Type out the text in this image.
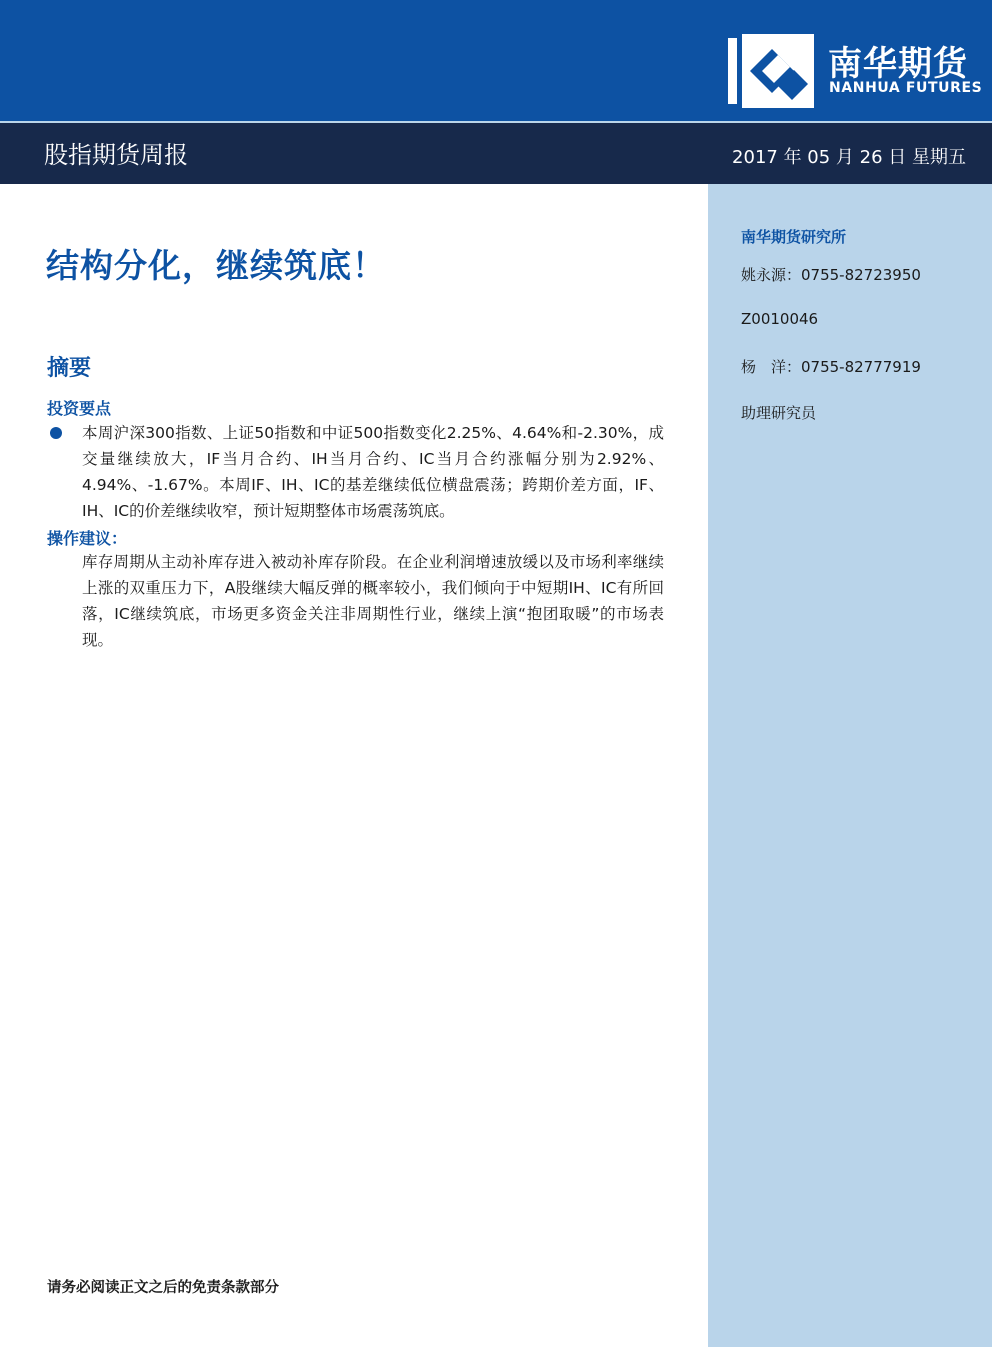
南华期货
NANHUA FUTURES
股指期货周报	2017 年 05 月 26 日 星期五
南华期货研究所
姚永源：0755-82723950
Z0010046
杨　洋：0755-82777919
助理研究员
结构分化，继续筑底！
摘要
投资要点

本周沪深300指数、上证50指数和中证500指数变化2.25%、4.64%和-2.30%，成交量继续放大，IF当月合约、IH当月合约、IC当月合约涨幅分别为2.92%、4.94%、-1.67%。本周IF、IH、IC的基差继续低位横盘震荡；跨期价差方面，IF、IH、IC的价差继续收窄，预计短期整体市场震荡筑底。

操作建议：

库存周期从主动补库存进入被动补库存阶段。在企业利润增速放缓以及市场利率继续上涨的双重压力下，A股继续大幅反弹的概率较小，我们倾向于中短期IH、IC有所回落，IC继续筑底，市场更多资金关注非周期性行业，继续上演“抱团取暖”的市场表现。

请务必阅读正文之后的免责条款部分
